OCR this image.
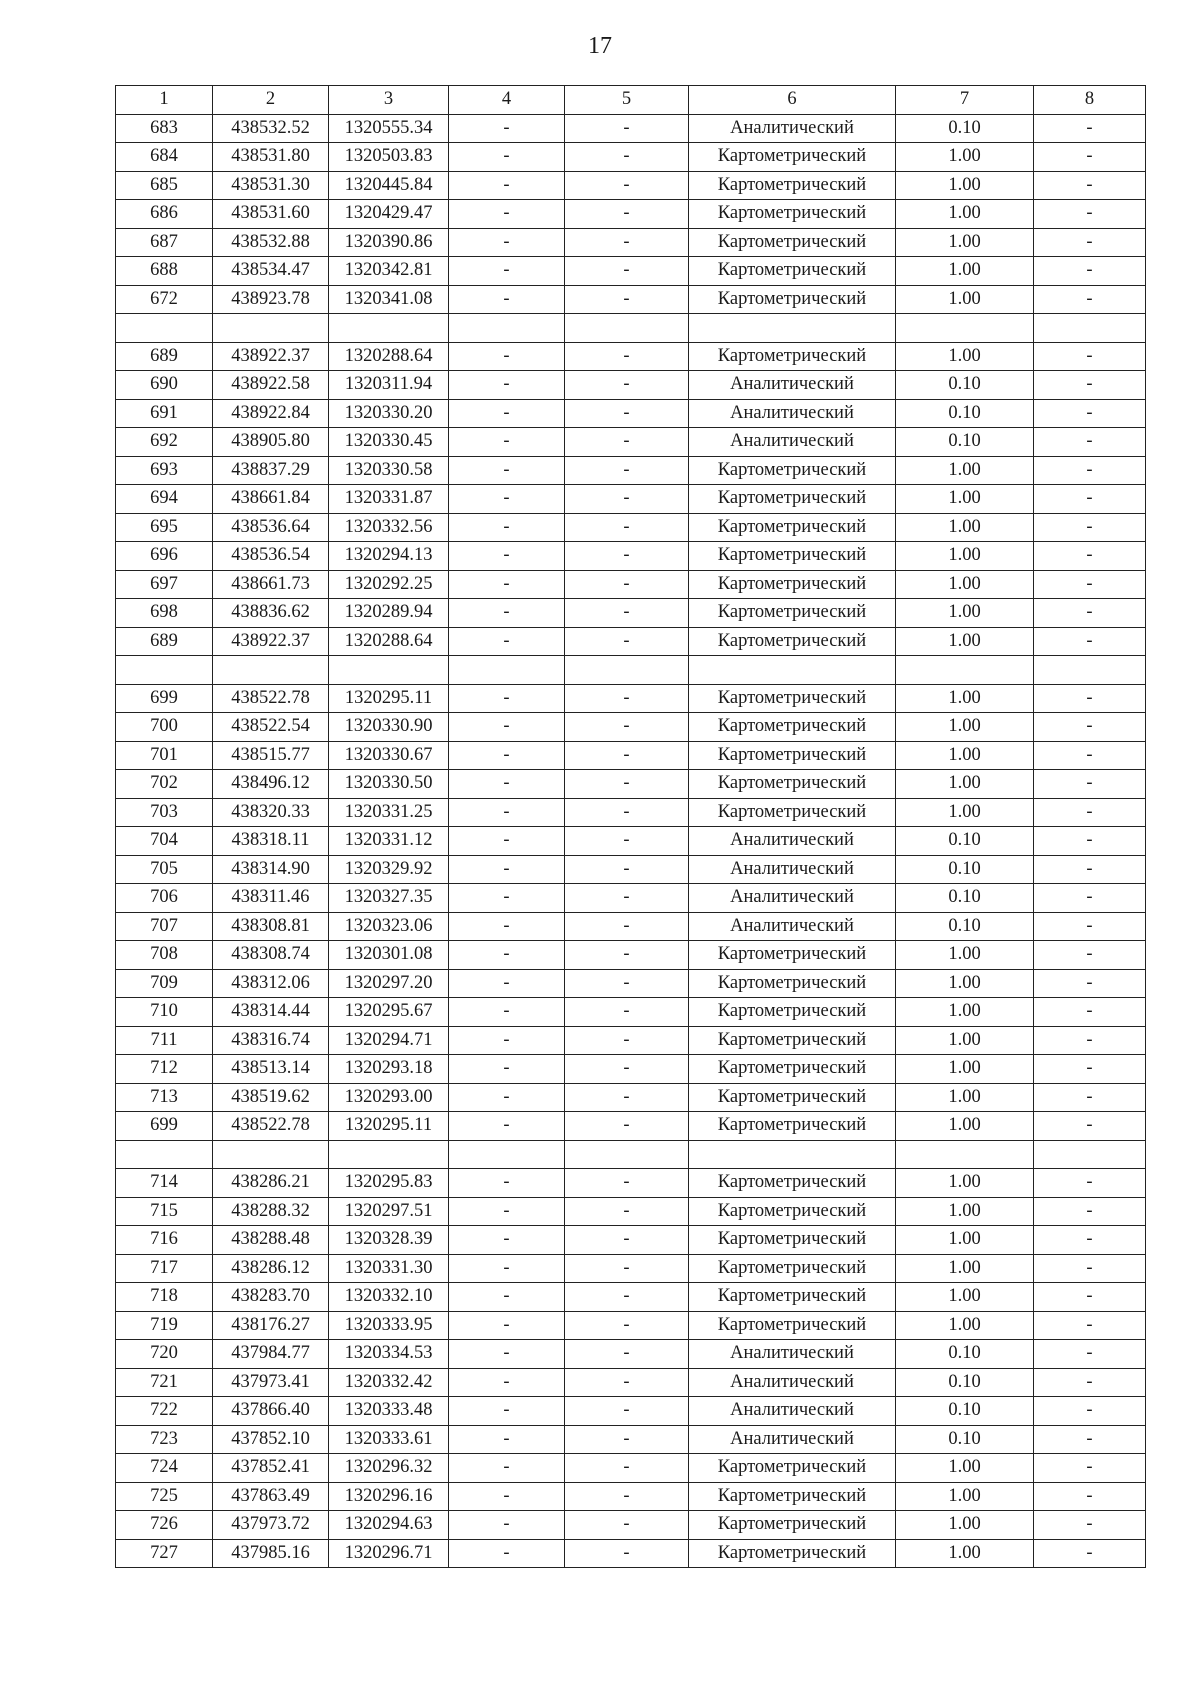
17
1	2	3	4	5	6	7	8
683	438532.52	1320555.34	-	-	Аналитический	0.10	-
684	438531.80	1320503.83	-	-	Картометрический	1.00	-
685	438531.30	1320445.84	-	-	Картометрический	1.00	-
686	438531.60	1320429.47	-	-	Картометрический	1.00	-
687	438532.88	1320390.86	-	-	Картометрический	1.00	-
688	438534.47	1320342.81	-	-	Картометрический	1.00	-
672	438923.78	1320341.08	-	-	Картометрический	1.00	-

689	438922.37	1320288.64	-	-	Картометрический	1.00	-
690	438922.58	1320311.94	-	-	Аналитический	0.10	-
691	438922.84	1320330.20	-	-	Аналитический	0.10	-
692	438905.80	1320330.45	-	-	Аналитический	0.10	-
693	438837.29	1320330.58	-	-	Картометрический	1.00	-
694	438661.84	1320331.87	-	-	Картометрический	1.00	-
695	438536.64	1320332.56	-	-	Картометрический	1.00	-
696	438536.54	1320294.13	-	-	Картометрический	1.00	-
697	438661.73	1320292.25	-	-	Картометрический	1.00	-
698	438836.62	1320289.94	-	-	Картометрический	1.00	-
689	438922.37	1320288.64	-	-	Картометрический	1.00	-

699	438522.78	1320295.11	-	-	Картометрический	1.00	-
700	438522.54	1320330.90	-	-	Картометрический	1.00	-
701	438515.77	1320330.67	-	-	Картометрический	1.00	-
702	438496.12	1320330.50	-	-	Картометрический	1.00	-
703	438320.33	1320331.25	-	-	Картометрический	1.00	-
704	438318.11	1320331.12	-	-	Аналитический	0.10	-
705	438314.90	1320329.92	-	-	Аналитический	0.10	-
706	438311.46	1320327.35	-	-	Аналитический	0.10	-
707	438308.81	1320323.06	-	-	Аналитический	0.10	-
708	438308.74	1320301.08	-	-	Картометрический	1.00	-
709	438312.06	1320297.20	-	-	Картометрический	1.00	-
710	438314.44	1320295.67	-	-	Картометрический	1.00	-
711	438316.74	1320294.71	-	-	Картометрический	1.00	-
712	438513.14	1320293.18	-	-	Картометрический	1.00	-
713	438519.62	1320293.00	-	-	Картометрический	1.00	-
699	438522.78	1320295.11	-	-	Картометрический	1.00	-

714	438286.21	1320295.83	-	-	Картометрический	1.00	-
715	438288.32	1320297.51	-	-	Картометрический	1.00	-
716	438288.48	1320328.39	-	-	Картометрический	1.00	-
717	438286.12	1320331.30	-	-	Картометрический	1.00	-
718	438283.70	1320332.10	-	-	Картометрический	1.00	-
719	438176.27	1320333.95	-	-	Картометрический	1.00	-
720	437984.77	1320334.53	-	-	Аналитический	0.10	-
721	437973.41	1320332.42	-	-	Аналитический	0.10	-
722	437866.40	1320333.48	-	-	Аналитический	0.10	-
723	437852.10	1320333.61	-	-	Аналитический	0.10	-
724	437852.41	1320296.32	-	-	Картометрический	1.00	-
725	437863.49	1320296.16	-	-	Картометрический	1.00	-
726	437973.72	1320294.63	-	-	Картометрический	1.00	-
727	437985.16	1320296.71	-	-	Картометрический	1.00	-
